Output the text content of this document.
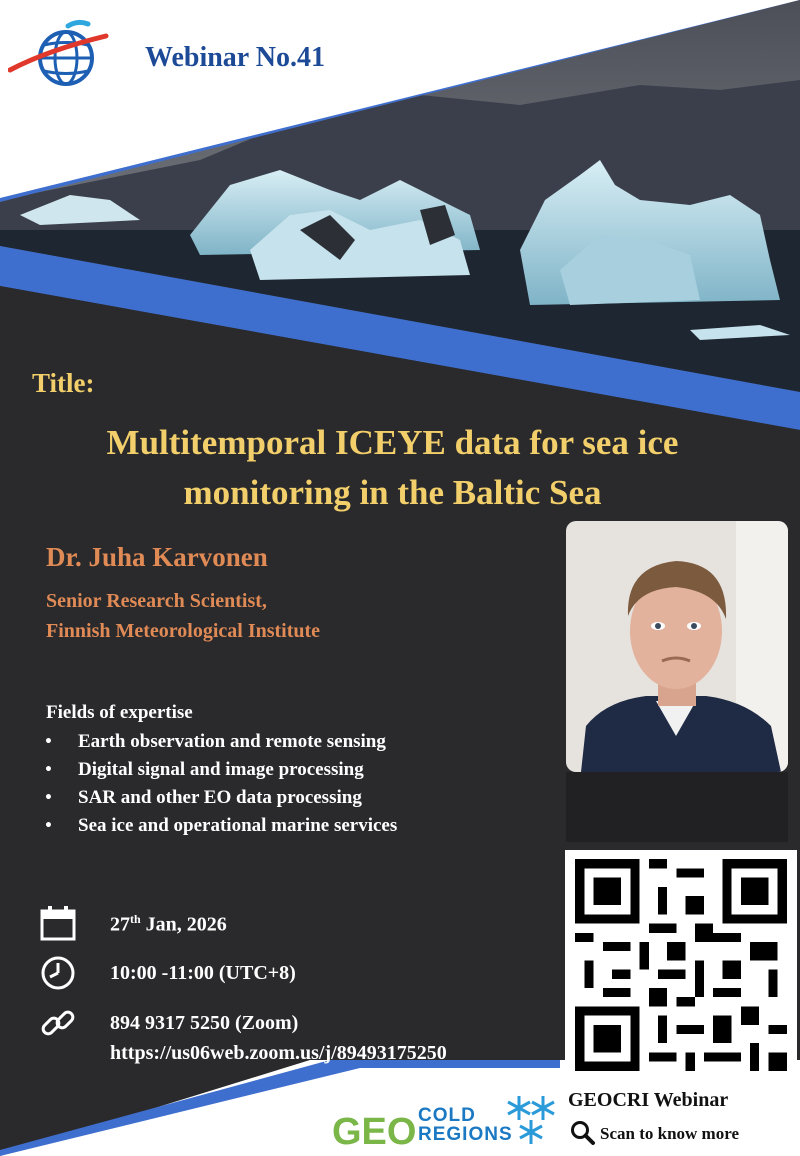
Webinar No.41
Title:
Multitemporal ICEYE data for sea ice
monitoring in the Baltic Sea
Dr. Juha Karvonen
Senior Research Scientist,
Finnish Meteorological Institute
Fields of expertise
• Earth observation and remote sensing
• Digital signal and image processing
• SAR and other EO data processing
• Sea ice and operational marine services
27th Jan, 2026
10:00 -11:00 (UTC+8)
894 9317 5250 (Zoom)
https://us06web.zoom.us/j/89493175250
GEO COLD
REGIONS
GEOCRI Webinar
Scan to know more
